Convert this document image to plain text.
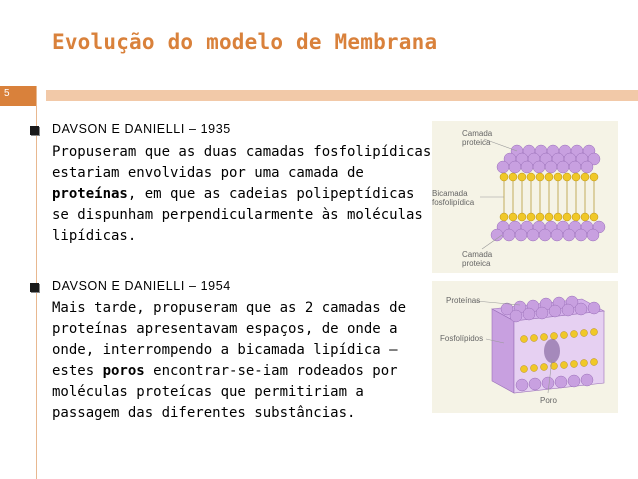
Evolução do modelo de Membrana
5
DAVSON E DANIELLI – 1935
Propuseram que as duas camadas fosfolipídicas estariam envolvidas por uma camada de proteínas, em que as cadeias polipeptídicas se dispunham perpendicularmente às moléculas lipídicas.
DAVSON E DANIELLI – 1954
Mais tarde, propuseram que as 2 camadas de proteínas apresentavam espaços, de onde a onde, interrompendo a bicamada lipídica – estes poros encontrar-se-iam rodeados por moléculas proteícas que permitiriam a passagem das diferentes substâncias.
Camada proteica
Bicamada fosfolipídica
Camada proteica
Proteínas
Fosfolípidos
Poro
